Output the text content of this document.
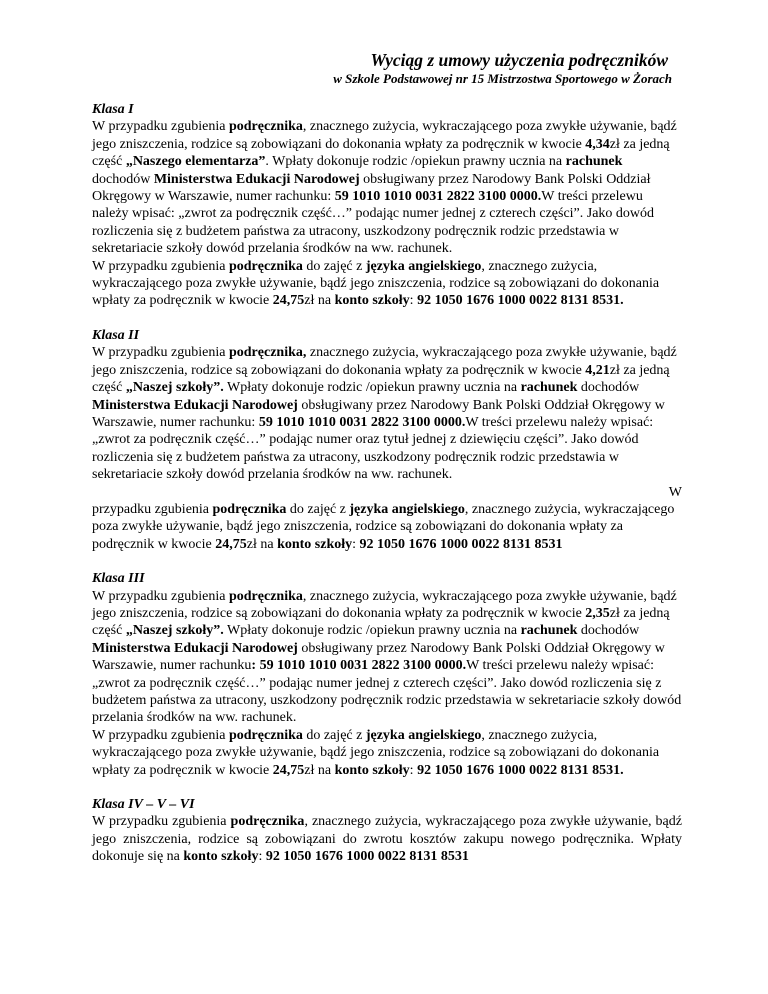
Wyciąg z umowy użyczenia podręczników
w Szkole Podstawowej nr 15 Mistrzostwa Sportowego w Żorach
Klasa I

W przypadku zgubienia podręcznika, znacznego zużycia, wykraczającego poza zwykłe używanie, bądź jego zniszczenia, rodzice są zobowiązani do dokonania wpłaty za podręcznik w kwocie 4,34zł za jedną część „Naszego elementarza”. Wpłaty dokonuje rodzic /opiekun prawny ucznia na rachunek dochodów Ministerstwa Edukacji Narodowej obsługiwany przez Narodowy Bank Polski Oddział Okręgowy w Warszawie, numer rachunku: 59 1010 1010 0031 2822 3100 0000.W treści przelewu należy wpisać: „zwrot za podręcznik część…” podając numer jednej z czterech części”. Jako dowód rozliczenia się z budżetem państwa za utracony, uszkodzony podręcznik rodzic przedstawia w sekretariacie szkoły dowód przelania środków na ww. rachunek.

W przypadku zgubienia podręcznika do zajęć z języka angielskiego, znacznego zużycia, wykraczającego poza zwykłe używanie, bądź jego zniszczenia, rodzice są zobowiązani do dokonania wpłaty za podręcznik w kwocie 24,75zł na konto szkoły: 92 1050 1676 1000 0022 8131 8531.

Klasa II

W przypadku zgubienia podręcznika, znacznego zużycia, wykraczającego poza zwykłe używanie, bądź jego zniszczenia, rodzice są zobowiązani do dokonania wpłaty za podręcznik w kwocie 4,21zł za jedną część „Naszej szkoły”. Wpłaty dokonuje rodzic /opiekun prawny ucznia na rachunek dochodów Ministerstwa Edukacji Narodowej obsługiwany przez Narodowy Bank Polski Oddział Okręgowy w Warszawie, numer rachunku: 59 1010 1010 0031 2822 3100 0000.W treści przelewu należy wpisać: „zwrot za podręcznik część…” podając numer oraz tytuł jednej z dziewięciu części”. Jako dowód rozliczenia się z budżetem państwa za utracony, uszkodzony podręcznik rodzic przedstawia w sekretariacie szkoły dowód przelania środków na ww. rachunek.
W

przypadku zgubienia podręcznika do zajęć z języka angielskiego, znacznego zużycia, wykraczającego poza zwykłe używanie, bądź jego zniszczenia, rodzice są zobowiązani do dokonania wpłaty za podręcznik w kwocie 24,75zł na konto szkoły: 92 1050 1676 1000 0022 8131 8531

Klasa III

W przypadku zgubienia podręcznika, znacznego zużycia, wykraczającego poza zwykłe używanie, bądź jego zniszczenia, rodzice są zobowiązani do dokonania wpłaty za podręcznik w kwocie 2,35zł za jedną część „Naszej szkoły”. Wpłaty dokonuje rodzic /opiekun prawny ucznia na rachunek dochodów Ministerstwa Edukacji Narodowej obsługiwany przez Narodowy Bank Polski Oddział Okręgowy w Warszawie, numer rachunku: 59 1010 1010 0031 2822 3100 0000.W treści przelewu należy wpisać: „zwrot za podręcznik część…” podając numer jednej z czterech części”. Jako dowód rozliczenia się z budżetem państwa za utracony, uszkodzony podręcznik rodzic przedstawia w sekretariacie szkoły dowód przelania środków na ww. rachunek.

W przypadku zgubienia podręcznika do zajęć z języka angielskiego, znacznego zużycia, wykraczającego poza zwykłe używanie, bądź jego zniszczenia, rodzice są zobowiązani do dokonania wpłaty za podręcznik w kwocie 24,75zł na konto szkoły: 92 1050 1676 1000 0022 8131 8531.

Klasa IV – V – VI

W przypadku zgubienia podręcznika, znacznego zużycia, wykraczającego poza zwykłe używanie, bądź jego zniszczenia, rodzice są zobowiązani do zwrotu kosztów zakupu nowego podręcznika. Wpłaty dokonuje się na konto szkoły: 92 1050 1676 1000 0022 8131 8531
